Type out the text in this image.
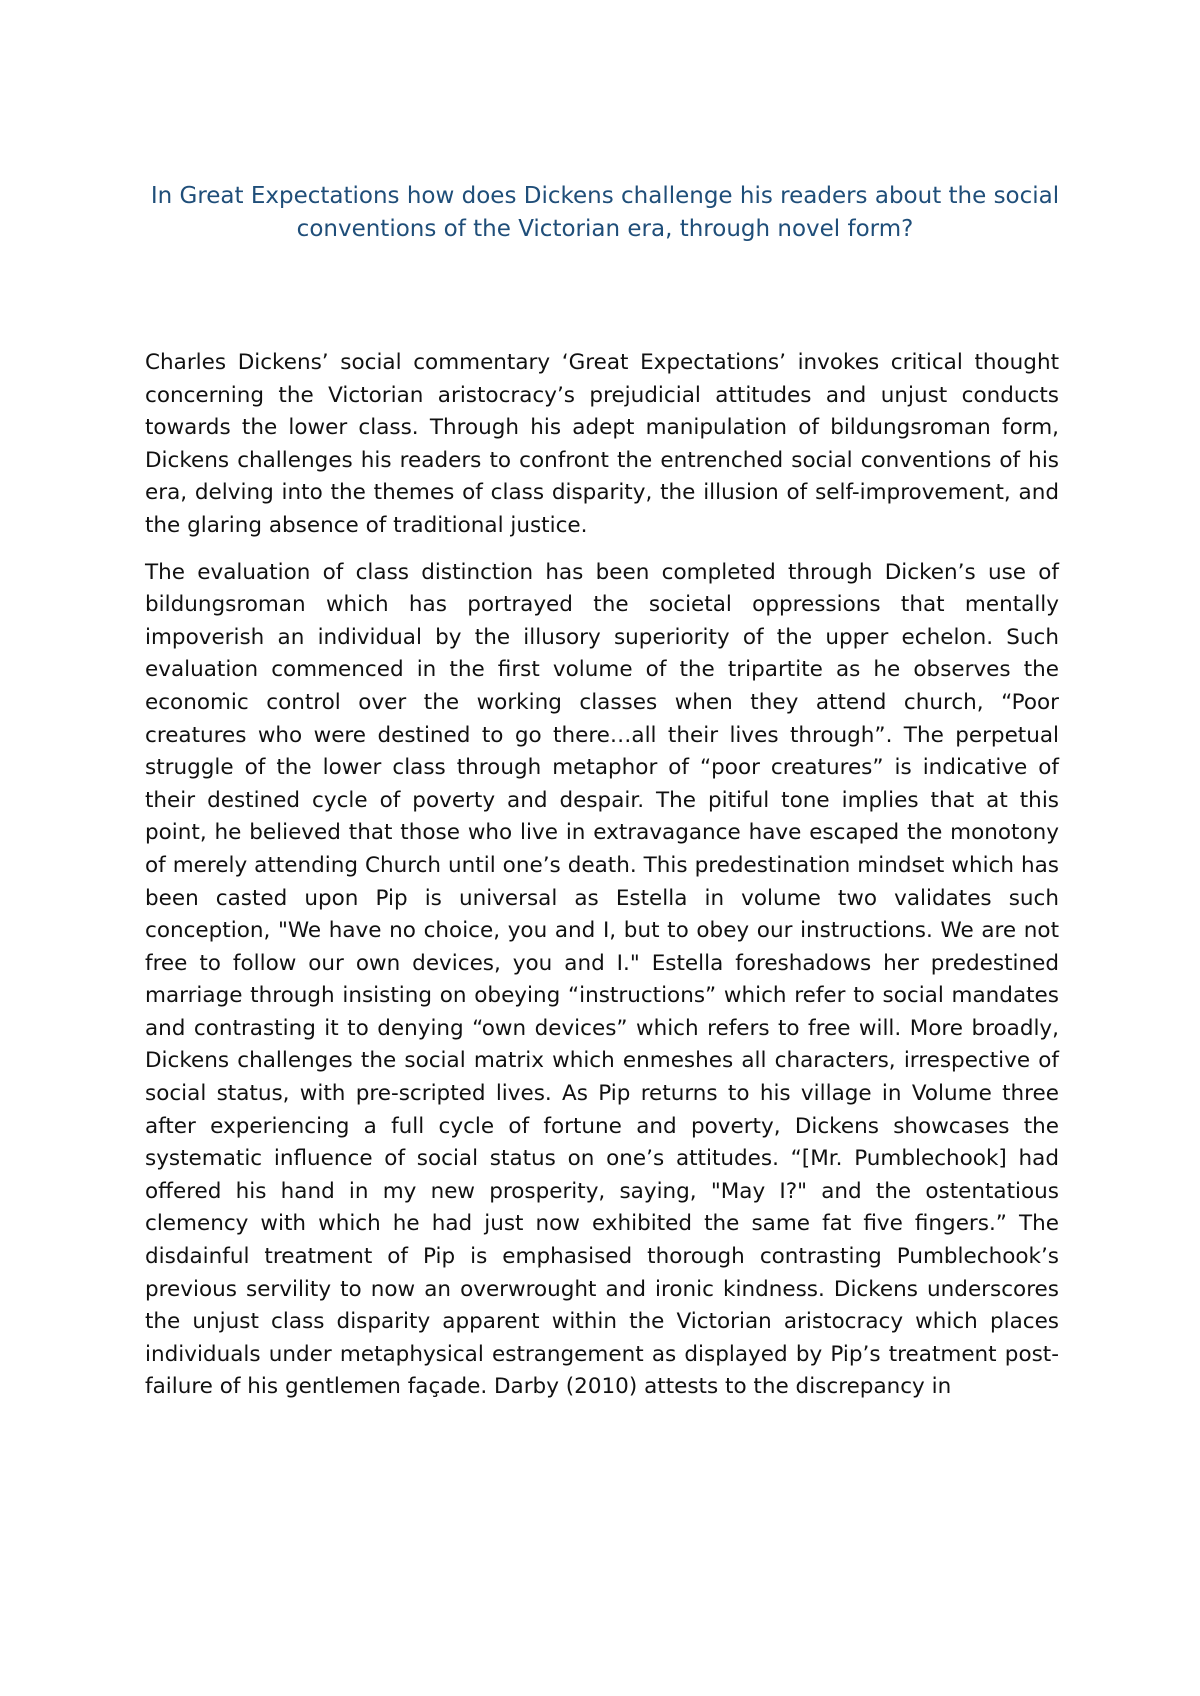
In Great Expectations how does Dickens challenge his readers about the social conventions of the Victorian era, through novel form?

Charles Dickens’ social commentary ‘Great Expectations’ invokes critical thought concerning the Victorian aristocracy’s prejudicial attitudes and unjust conducts towards the lower class. Through his adept manipulation of bildungsroman form, Dickens challenges his readers to confront the entrenched social conventions of his era, delving into the themes of class disparity, the illusion of self-improvement, and the glaring absence of traditional justice.

The evaluation of class distinction has been completed through Dicken’s use of bildungsroman which has portrayed the societal oppressions that mentally impoverish an individual by the illusory superiority of the upper echelon. Such evaluation commenced in the first volume of the tripartite as he observes the economic control over the working classes when they attend church, “Poor creatures who were destined to go there…all their lives through”. The perpetual struggle of the lower class through metaphor of “poor creatures” is indicative of their destined cycle of poverty and despair. The pitiful tone implies that at this point, he believed that those who live in extravagance have escaped the monotony of merely attending Church until one’s death. This predestination mindset which has been casted upon Pip is universal as Estella in volume two validates such conception, "We have no choice, you and I, but to obey our instructions. We are not free to follow our own devices, you and I." Estella foreshadows her predestined marriage through insisting on obeying “instructions” which refer to social mandates and contrasting it to denying “own devices” which refers to free will. More broadly, Dickens challenges the social matrix which enmeshes all characters, irrespective of social status, with pre-scripted lives. As Pip returns to his village in Volume three after experiencing a full cycle of fortune and poverty, Dickens showcases the systematic influence of social status on one’s attitudes. “[Mr. Pumblechook] had offered his hand in my new prosperity, saying, "May I?" and the ostentatious clemency with which he had just now exhibited the same fat five fingers.” The disdainful treatment of Pip is emphasised thorough contrasting Pumblechook’s previous servility to now an overwrought and ironic kindness. Dickens underscores the unjust class disparity apparent within the Victorian aristocracy which places individuals under metaphysical estrangement as displayed by Pip’s treatment post-failure of his gentlemen façade. Darby (2010) attests to the discrepancy in
